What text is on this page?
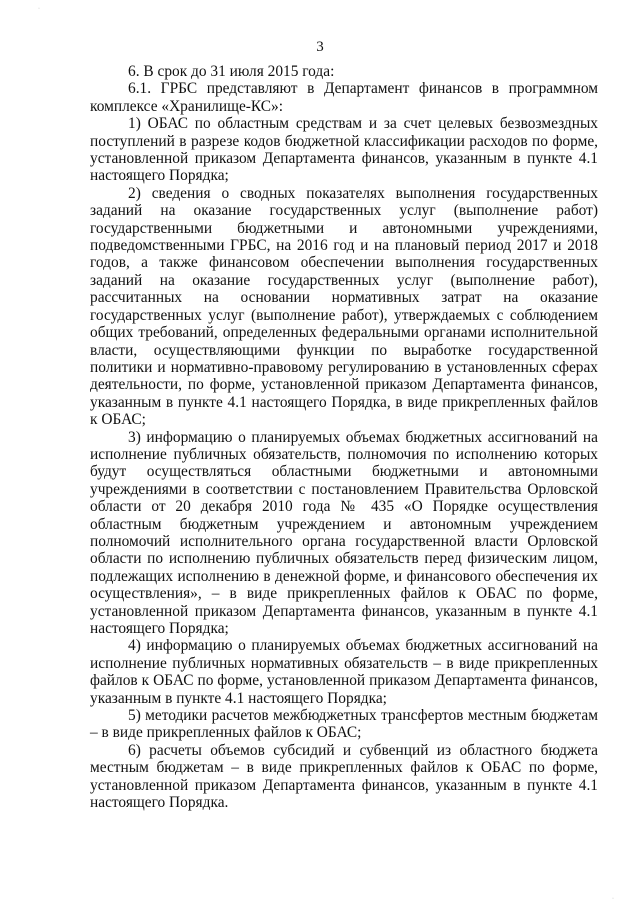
·
·
3

6. В срок до 31 июля 2015 года:

6.1. ГРБС представляют в Департамент финансов в программном комплексе «Хранилище-КС»:

1) ОБАС по областным средствам и за счет целевых безвозмездных поступлений в разрезе кодов бюджетной классификации расходов по форме, установленной приказом Департамента финансов, указанным в пункте 4.1 настоящего Порядка;

2) сведения о сводных показателях выполнения государственных заданий на оказание государственных услуг (выполнение работ) государственными бюджетными и автономными учреждениями, подведомственными ГРБС, на 2016 год и на плановый период 2017 и 2018 годов, а также финансовом обеспечении выполнения государственных заданий на оказание государственных услуг (выполнение работ), рассчитанных на основании нормативных затрат на оказание государственных услуг (выполнение работ), утверждаемых с соблюдением общих требований, определенных федеральными органами исполнительной власти, осуществляющими функции по выработке государственной политики и нормативно-правовому регулированию в установленных сферах деятельности, по форме, установленной приказом Департамента финансов, указанным в пункте 4.1 настоящего Порядка, в виде прикрепленных файлов к ОБАС;

3) информацию о планируемых объемах бюджетных ассигнований на исполнение публичных обязательств, полномочия по исполнению которых будут осуществляться областными бюджетными и автономными учреждениями в соответствии с постановлением Правительства Орловской области от 20 декабря 2010 года № 435 «О Порядке осуществления областным бюджетным учреждением и автономным учреждением полномочий исполнительного органа государственной власти Орловской области по исполнению публичных обязательств перед физическим лицом, подлежащих исполнению в денежной форме, и финансового обеспечения их осуществления», – в виде прикрепленных файлов к ОБАС по форме, установленной приказом Департамента финансов, указанным в пункте 4.1 настоящего Порядка;

4) информацию о планируемых объемах бюджетных ассигнований на исполнение публичных нормативных обязательств – в виде прикрепленных файлов к ОБАС по форме, установленной приказом Департамента финансов, указанным в пункте 4.1 настоящего Порядка;

5) методики расчетов межбюджетных трансфертов местным бюджетам – в виде прикрепленных файлов к ОБАС;

6) расчеты объемов субсидий и субвенций из областного бюджета местным бюджетам – в виде прикрепленных файлов к ОБАС по форме, установленной приказом Департамента финансов, указанным в пункте 4.1 настоящего Порядка.
